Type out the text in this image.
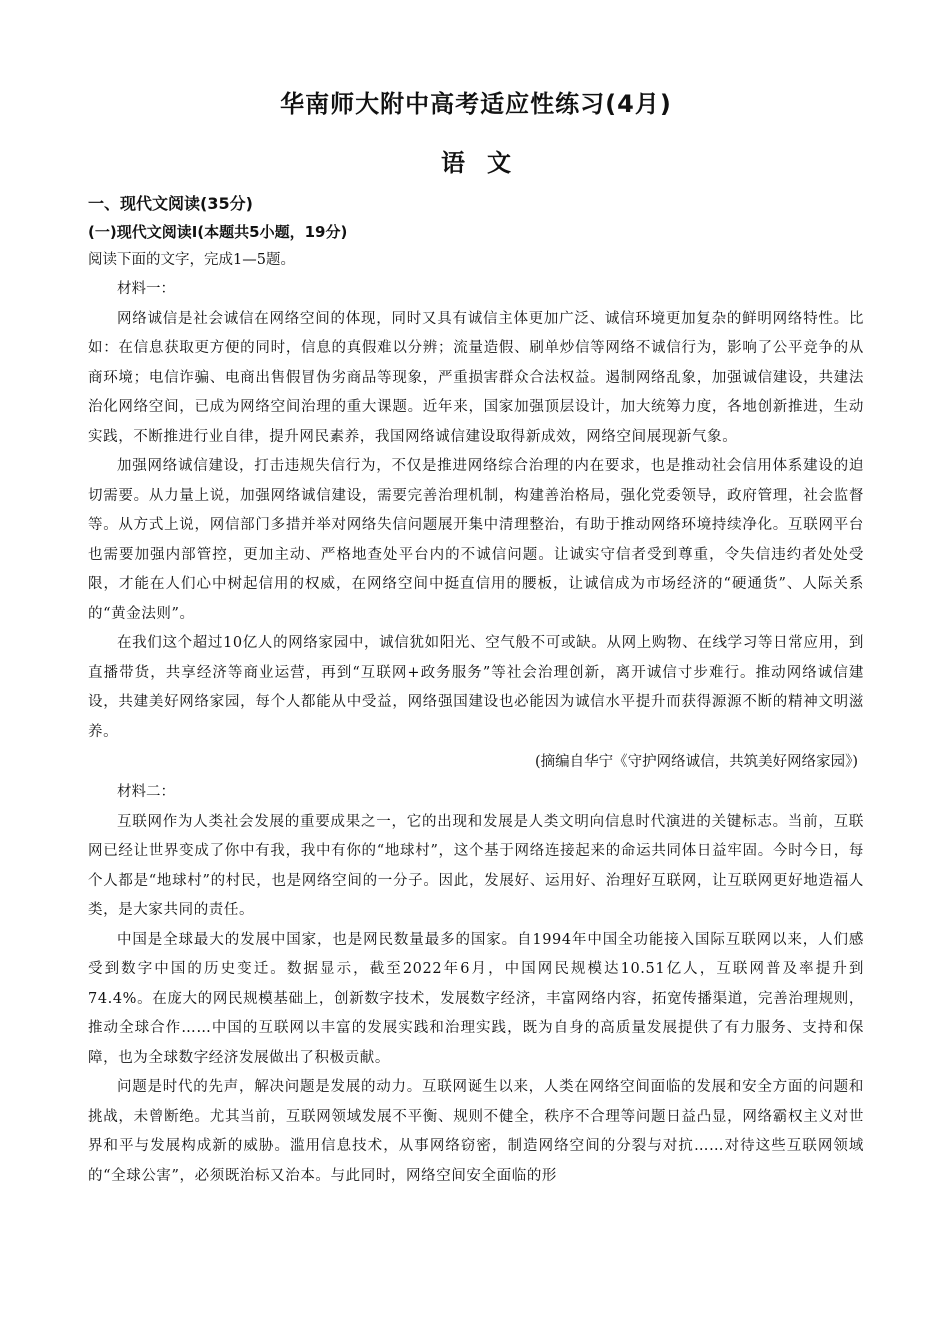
华南师大附中高考适应性练习(4月)
语文

一、现代文阅读(35分)

(一)现代文阅读I(本题共5小题，19分)

阅读下面的文字，完成1—5题。

材料一：

网络诚信是社会诚信在网络空间的体现，同时又具有诚信主体更加广泛、诚信环境更加复杂的鲜明网络特性。比如：在信息获取更方便的同时，信息的真假难以分辨；流量造假、刷单炒信等网络不诚信行为，影响了公平竞争的从商环境；电信诈骗、电商出售假冒伪劣商品等现象，严重损害群众合法权益。遏制网络乱象，加强诚信建设，共建法治化网络空间，已成为网络空间治理的重大课题。近年来，国家加强顶层设计，加大统筹力度，各地创新推进，生动实践，不断推进行业自律，提升网民素养，我国网络诚信建设取得新成效，网络空间展现新气象。

加强网络诚信建设，打击违规失信行为，不仅是推进网络综合治理的内在要求，也是推动社会信用体系建设的迫切需要。从力量上说，加强网络诚信建设，需要完善治理机制，构建善治格局，强化党委领导，政府管理，社会监督等。从方式上说，网信部门多措并举对网络失信问题展开集中清理整治，有助于推动网络环境持续净化。互联网平台也需要加强内部管控，更加主动、严格地查处平台内的不诚信问题。让诚实守信者受到尊重，令失信违约者处处受限，才能在人们心中树起信用的权威，在网络空间中挺直信用的腰板，让诚信成为市场经济的“硬通货”、人际关系的“黄金法则”。

在我们这个超过10亿人的网络家园中，诚信犹如阳光、空气般不可或缺。从网上购物、在线学习等日常应用，到直播带货，共享经济等商业运营，再到“互联网+政务服务”等社会治理创新，离开诚信寸步难行。推动网络诚信建设，共建美好网络家园，每个人都能从中受益，网络强国建设也必能因为诚信水平提升而获得源源不断的精神文明滋养。

(摘编自华宁《守护网络诚信，共筑美好网络家园》)

材料二：

互联网作为人类社会发展的重要成果之一，它的出现和发展是人类文明向信息时代演进的关键标志。当前，互联网已经让世界变成了你中有我，我中有你的“地球村”，这个基于网络连接起来的命运共同体日益牢固。今时今日，每个人都是“地球村”的村民，也是网络空间的一分子。因此，发展好、运用好、治理好互联网，让互联网更好地造福人类，是大家共同的责任。

中国是全球最大的发展中国家，也是网民数量最多的国家。自1994年中国全功能接入国际互联网以来，人们感受到数字中国的历史变迁。数据显示，截至2022年6月，中国网民规模达10.51亿人，互联网普及率提升到74.4%。在庞大的网民规模基础上，创新数字技术，发展数字经济，丰富网络内容，拓宽传播渠道，完善治理规则，推动全球合作……中国的互联网以丰富的发展实践和治理实践，既为自身的高质量发展提供了有力服务、支持和保障，也为全球数字经济发展做出了积极贡献。

问题是时代的先声，解决问题是发展的动力。互联网诞生以来，人类在网络空间面临的发展和安全方面的问题和挑战，未曾断绝。尤其当前，互联网领域发展不平衡、规则不健全，秩序不合理等问题日益凸显，网络霸权主义对世界和平与发展构成新的威胁。滥用信息技术，从事网络窃密，制造网络空间的分裂与对抗……对待这些互联网领域的“全球公害”，必须既治标又治本。与此同时，网络空间安全面临的形
